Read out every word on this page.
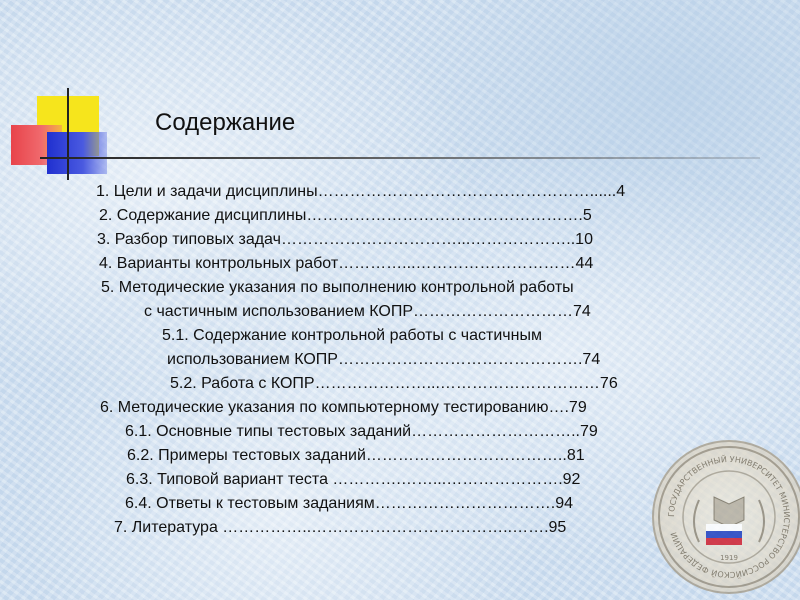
Содержание
1. Цели и задачи дисциплины……………………………………………......4
2. Содержание дисциплины…………………………………………….5
3. Разбор типовых задач……………………………...………………..10
4. Варианты контрольных работ…………...…………………………44
5. Методические указания по выполнению контрольной работы
с частичным использованием КОПР…………………………74
5.1. Содержание контрольной работы с частичным
использованием КОПР……………………………………….74
5.2. Работа с КОПР…………………...…………………………76
6. Методические указания по компьютерному тестированию….79
6.1. Основные типы тестовых заданий…………………………..79
6.2. Примеры тестовых заданий………………………………..81
6.3. Типовой вариант теста ………….……...………………….92
6.4. Ответы к тестовым заданиям…………………………….94
7. Литература ……………..………………………………..…….95
ГОСУДАРСТВЕННЫЙ УНИВЕРСИТЕТ МИНИСТЕРСТВО РОССИЙСКОЙ ФЕДЕРАЦИИ
1919
